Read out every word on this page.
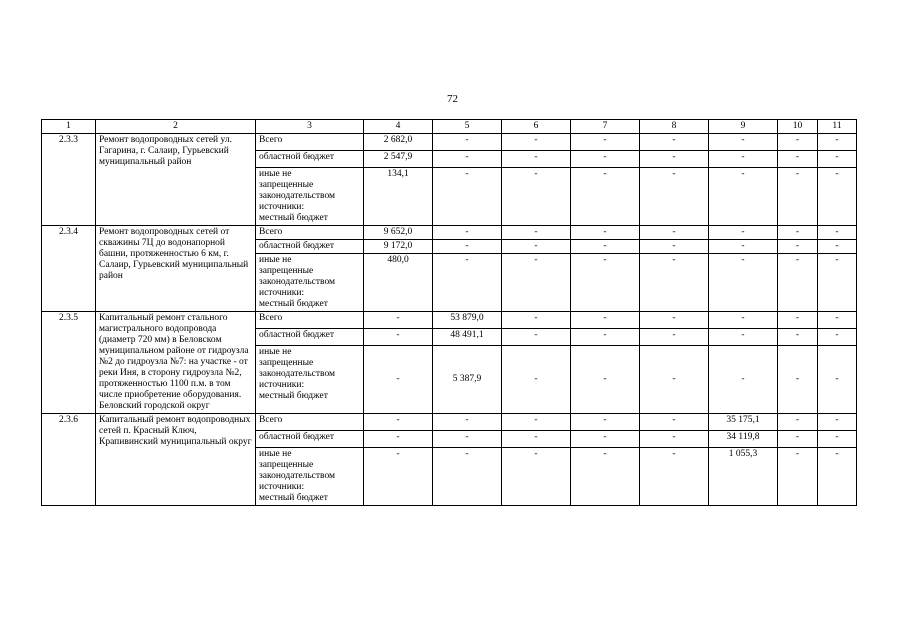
72
1	2	3	4	5	6	7	8	9	10	11
2.3.3	Ремонт водопроводных сетей ул. Гагарина, г. Салаир, Гурьевский муниципальный район	Всего	2 682,0	-	-	-	-	-	-	-
		областной бюджет	2 547,9	-	-	-	-	-	-	-

		иные не
запрещенные
законодательством
источники:
местный бюджет	134,1	-	-	-	-	-	-	-
2.3.4	Ремонт водопроводных сетей от скважины 7Ц до водонапорной башни, протяженностью 6 км, г. Салаир, Гурьевский муниципальный район	Всего	9 652,0	-	-	-	-	-	-	-
		областной бюджет	9 172,0	-	-	-	-	-	-	-

		иные не
запрещенные
законодательством
источники:
местный бюджет	480,0	-	-	-	-	-	-	-
2.3.5	Капитальный ремонт стального магистрального водопровода (диаметр 720 мм) в Беловском муниципальном районе от гидроузла №2 до гидроузла №7: на участке - от реки Иня, в сторону гидроузла №2, протяженностью 1100 п.м. в том числе приобретение оборудования. Беловский городской округ	Всего	-	53 879,0	-	-	-	-	-	-
		областной бюджет	-	48 491,1	-	-	-	-	-	-

		иные не
запрещенные
законодательством
источники:
местный бюджет	-	5 387,9	-	-	-	-	-	-
2.3.6	Капитальный ремонт водопроводных сетей п. Красный Ключ, Крапивинский муниципальный округ	Всего	-	-	-	-	-	35 175,1	-	-
		областной бюджет	-	-	-	-	-	34 119,8	-	-

		иные не
запрещенные
законодательством
источники:
местный бюджет	-	-	-	-	-	1 055,3	-	-
